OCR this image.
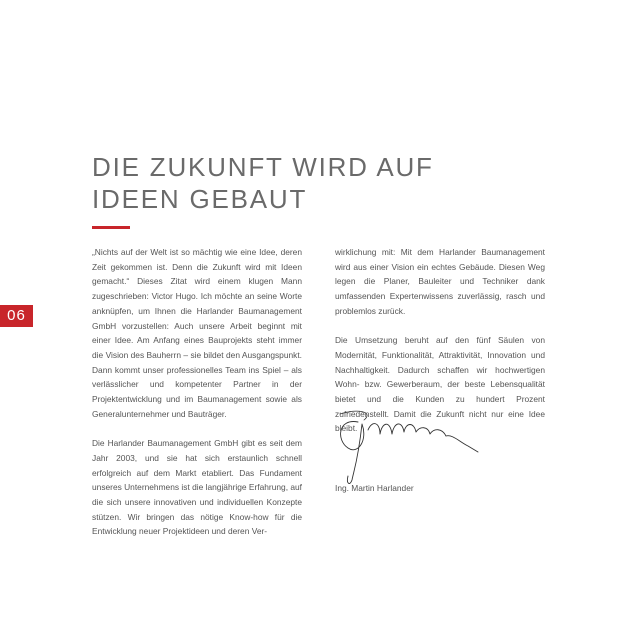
06
DIE ZUKUNFT WIRD AUF
IDEEN GEBAUT

„Nichts auf der Welt ist so mächtig wie eine Idee, deren Zeit gekommen ist. Denn die Zukunft wird mit Ideen gemacht.“ Dieses Zitat wird einem klugen Mann zugeschrieben: Victor Hugo. Ich möchte an seine Worte anknüpfen, um Ihnen die Harlander Baumanagement GmbH vorzustellen: Auch unsere Arbeit beginnt mit einer Idee. Am Anfang eines Bauprojekts steht immer die Vision des Bauherrn – sie bildet den Ausgangspunkt. Dann kommt unser professionelles Team ins Spiel – als verlässlicher und kompetenter Partner in der Projektentwicklung und im Baumanagement sowie als Generalunternehmer und Bauträger.

Die Harlander Baumanagement GmbH gibt es seit dem Jahr 2003, und sie hat sich erstaunlich schnell erfolgreich auf dem Markt etabliert. Das Fundament unseres Unternehmens ist die langjährige Erfahrung, auf die sich unsere innovativen und individuellen Konzepte stützen. Wir bringen das nötige Know-how für die Entwicklung neuer Projektideen und deren Ver-

wirklichung mit: Mit dem Harlander Baumanagement wird aus einer Vision ein echtes Gebäude. Diesen Weg legen die Planer, Bauleiter und Techniker dank umfassenden Expertenwissens zuverlässig, rasch und problemlos zurück.

Die Umsetzung beruht auf den fünf Säulen von Modernität, Funktionalität, Attraktivität, Innovation und Nachhaltigkeit. Dadurch schaffen wir hochwertigen Wohn- bzw. Gewerberaum, der beste Lebensqualität bietet und die Kunden zu hundert Prozent zufriedenstellt. Damit die Zukunft nicht nur eine Idee bleibt.

Ing. Martin Harlander
